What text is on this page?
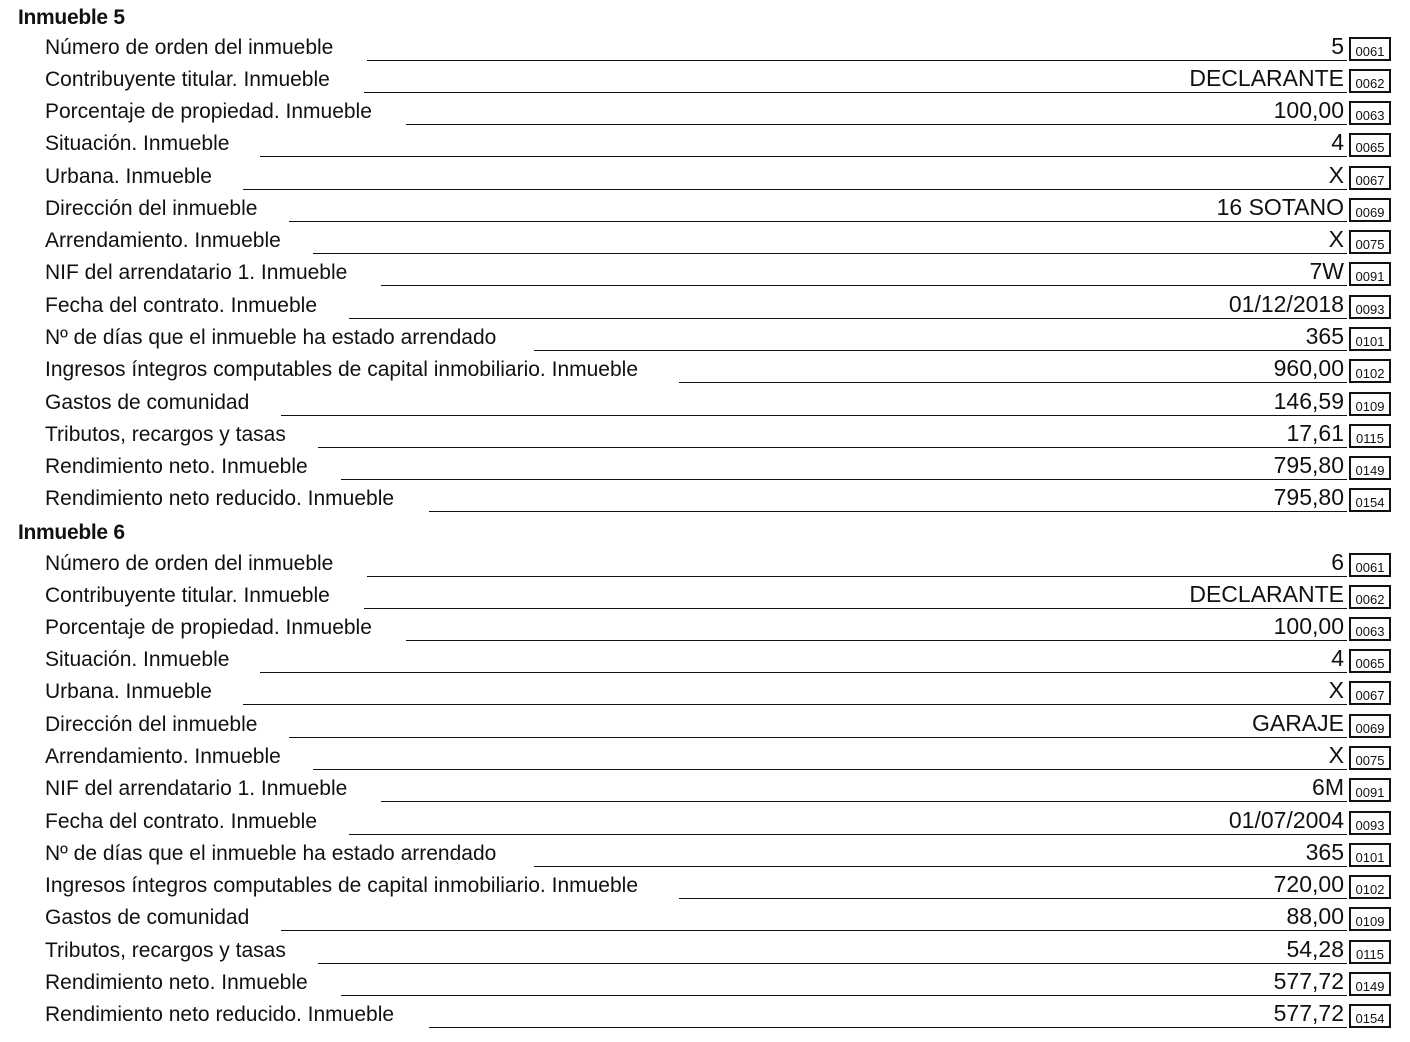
Inmueble 5
Número de orden del inmueble	5 0061
Contribuyente titular. Inmueble	DECLARANTE 0062
Porcentaje de propiedad. Inmueble	100,00 0063
Situación. Inmueble	4 0065
Urbana. Inmueble	X 0067
Dirección del inmueble	16 SOTANO 0069
Arrendamiento. Inmueble	X 0075
NIF del arrendatario 1. Inmueble	7W 0091
Fecha del contrato. Inmueble	01/12/2018 0093
Nº de días que el inmueble ha estado arrendado	365 0101
Ingresos íntegros computables de capital inmobiliario. Inmueble	960,00 0102
Gastos de comunidad	146,59 0109
Tributos, recargos y tasas	17,61 0115
Rendimiento neto. Inmueble	795,80 0149
Rendimiento neto reducido. Inmueble	795,80 0154
Inmueble 6
Número de orden del inmueble	6 0061
Contribuyente titular. Inmueble	DECLARANTE 0062
Porcentaje de propiedad. Inmueble	100,00 0063
Situación. Inmueble	4 0065
Urbana. Inmueble	X 0067
Dirección del inmueble	GARAJE 0069
Arrendamiento. Inmueble	X 0075
NIF del arrendatario 1. Inmueble	6M 0091
Fecha del contrato. Inmueble	01/07/2004 0093
Nº de días que el inmueble ha estado arrendado	365 0101
Ingresos íntegros computables de capital inmobiliario. Inmueble	720,00 0102
Gastos de comunidad	88,00 0109
Tributos, recargos y tasas	54,28 0115
Rendimiento neto. Inmueble	577,72 0149
Rendimiento neto reducido. Inmueble	577,72 0154
